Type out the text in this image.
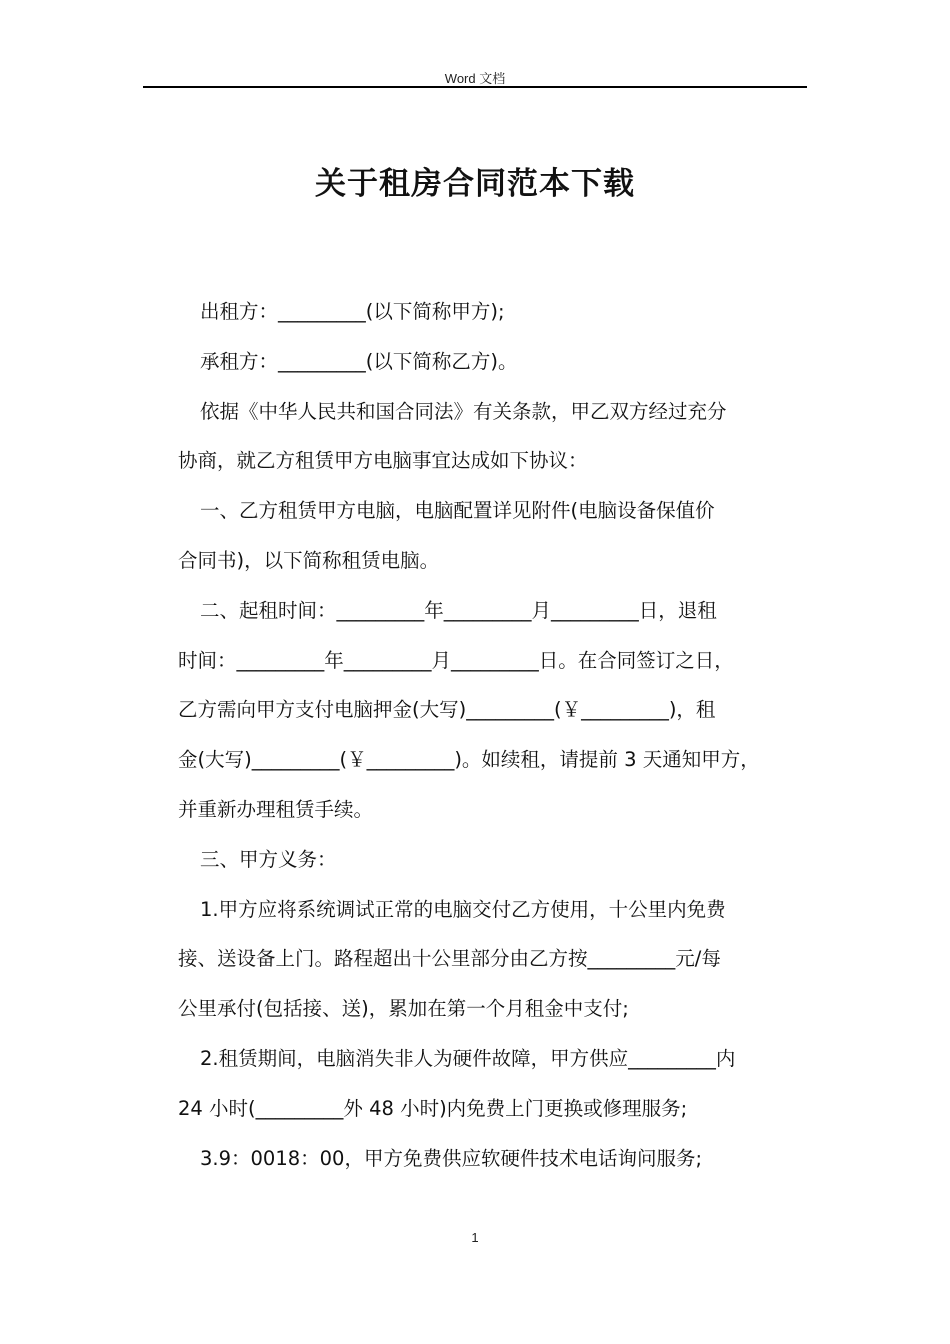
Word 文档
关于租房合同范本下载
出租方：_________(以下简称甲方);
承租方：_________(以下简称乙方)。
依据《中华人民共和国合同法》有关条款，甲乙双方经过充分
协商，就乙方租赁甲方电脑事宜达成如下协议：
一、乙方租赁甲方电脑，电脑配置详见附件(电脑设备保值价
合同书)，以下简称租赁电脑。
二、起租时间：_________年_________月_________日，退租
时间：_________年_________月_________日。在合同签订之日，
乙方需向甲方支付电脑押金(大写)_________(￥_________)，租
金(大写)_________(￥_________)。如续租，请提前 3 天通知甲方，
并重新办理租赁手续。
三、甲方义务：
1.甲方应将系统调试正常的电脑交付乙方使用，十公里内免费
接、送设备上门。路程超出十公里部分由乙方按_________元/每
公里承付(包括接、送)，累加在第一个月租金中支付;
2.租赁期间，电脑消失非人为硬件故障，甲方供应_________内
24 小时(_________外 48 小时)内免费上门更换或修理服务;
3.9：0018：00，甲方免费供应软硬件技术电话询问服务;
1
